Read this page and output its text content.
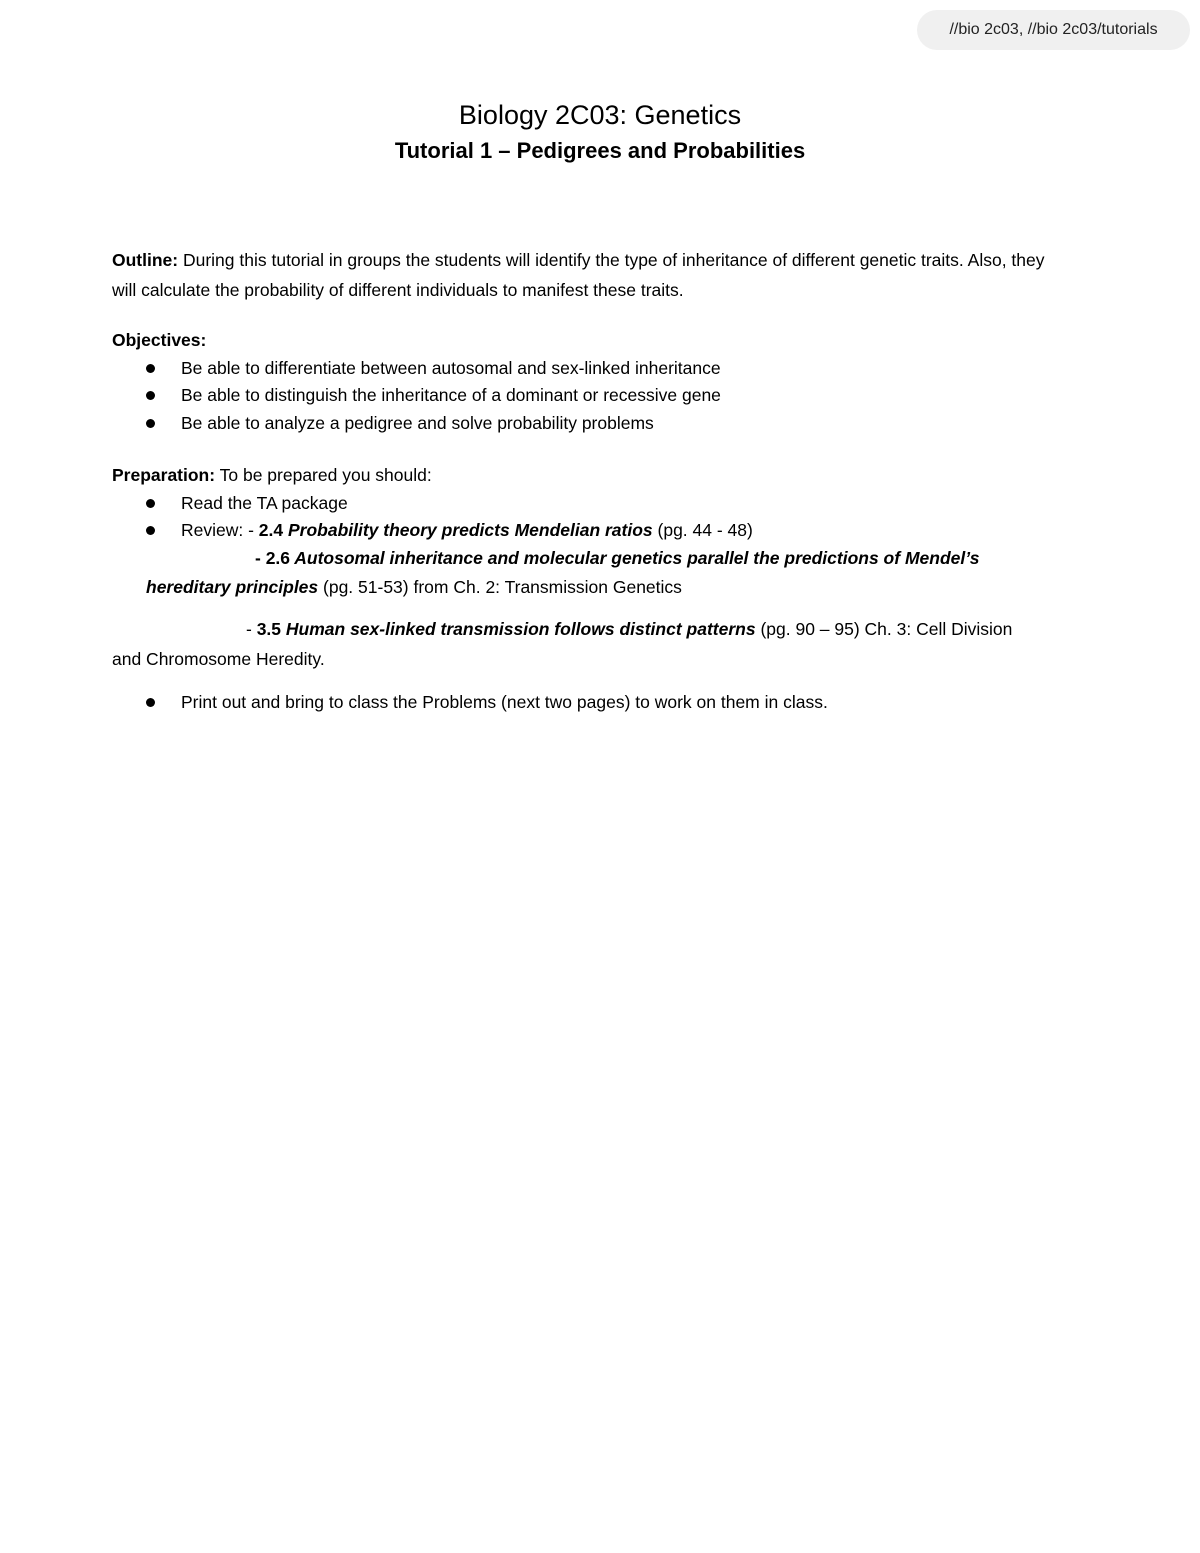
//bio 2c03, //bio 2c03/tutorials
Biology 2C03: Genetics
Tutorial 1 – Pedigrees and Probabilities

Outline: During this tutorial in groups the students will identify the type of inheritance of different genetic traits. Also, they will calculate the probability of different individuals to manifest these traits.

Objectives:

Be able to differentiate between autosomal and sex-linked inheritance

Be able to distinguish the inheritance of a dominant or recessive gene

Be able to analyze a pedigree and solve probability problems

Preparation: To be prepared you should:

Read the TA package

Review: - 2.4 Probability theory predicts Mendelian ratios (pg. 44 - 48)

- 2.6 Autosomal inheritance and molecular genetics parallel the predictions of Mendel’s

hereditary principles (pg. 51-53) from Ch. 2: Transmission Genetics

- 3.5 Human sex-linked transmission follows distinct patterns (pg. 90 – 95) Ch. 3: Cell Division

and Chromosome Heredity.

Print out and bring to class the Problems (next two pages) to work on them in class.
